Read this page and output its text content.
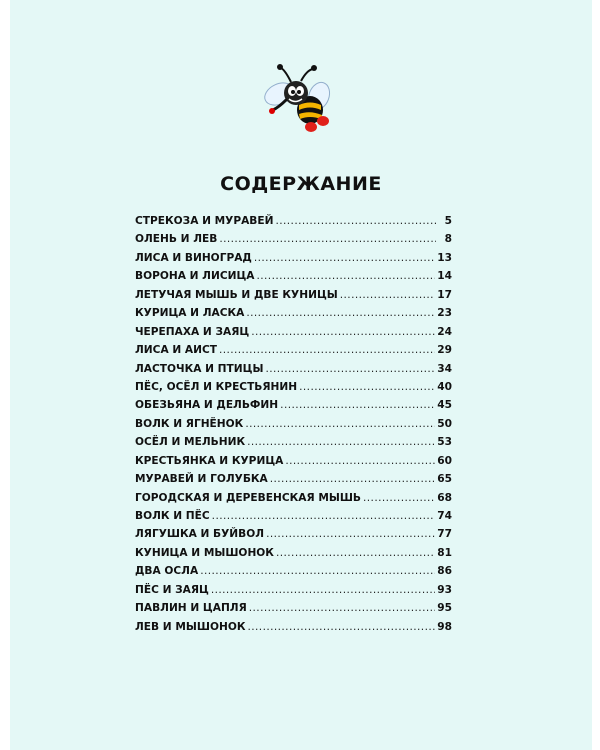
СОДЕРЖАНИЕ
СТРЕКОЗА И МУРАВЕЙ .....	5
ОЛЕНЬ И ЛЕВ .....	8
ЛИСА И ВИНОГРАД .....	13
ВОРОНА И ЛИСИЦА .....	14
ЛЕТУЧАЯ МЫШЬ И ДВЕ КУНИЦЫ .....	17
КУРИЦА И ЛАСКА .....	23
ЧЕРЕПАХА И ЗАЯЦ .....	24
ЛИСА И АИСТ .....	29
ЛАСТОЧКА И ПТИЦЫ .....	34
ПЁС, ОСЁЛ И КРЕСТЬЯНИН .....	40
ОБЕЗЬЯНА И ДЕЛЬФИН .....	45
ВОЛК И ЯГНЁНОК .....	50
ОСЁЛ И МЕЛЬНИК .....	53
КРЕСТЬЯНКА И КУРИЦА .....	60
МУРАВЕЙ И ГОЛУБКА .....	65
ГОРОДСКАЯ И ДЕРЕВЕНСКАЯ МЫШЬ .....	68
ВОЛК И ПЁС .....	74
ЛЯГУШКА И БУЙВОЛ .....	77
КУНИЦА И МЫШОНОК .....	81
ДВА ОСЛА .....	86
ПЁС И ЗАЯЦ .....	93
ПАВЛИН И ЦАПЛЯ .....	95
ЛЕВ И МЫШОНОК .....	98
